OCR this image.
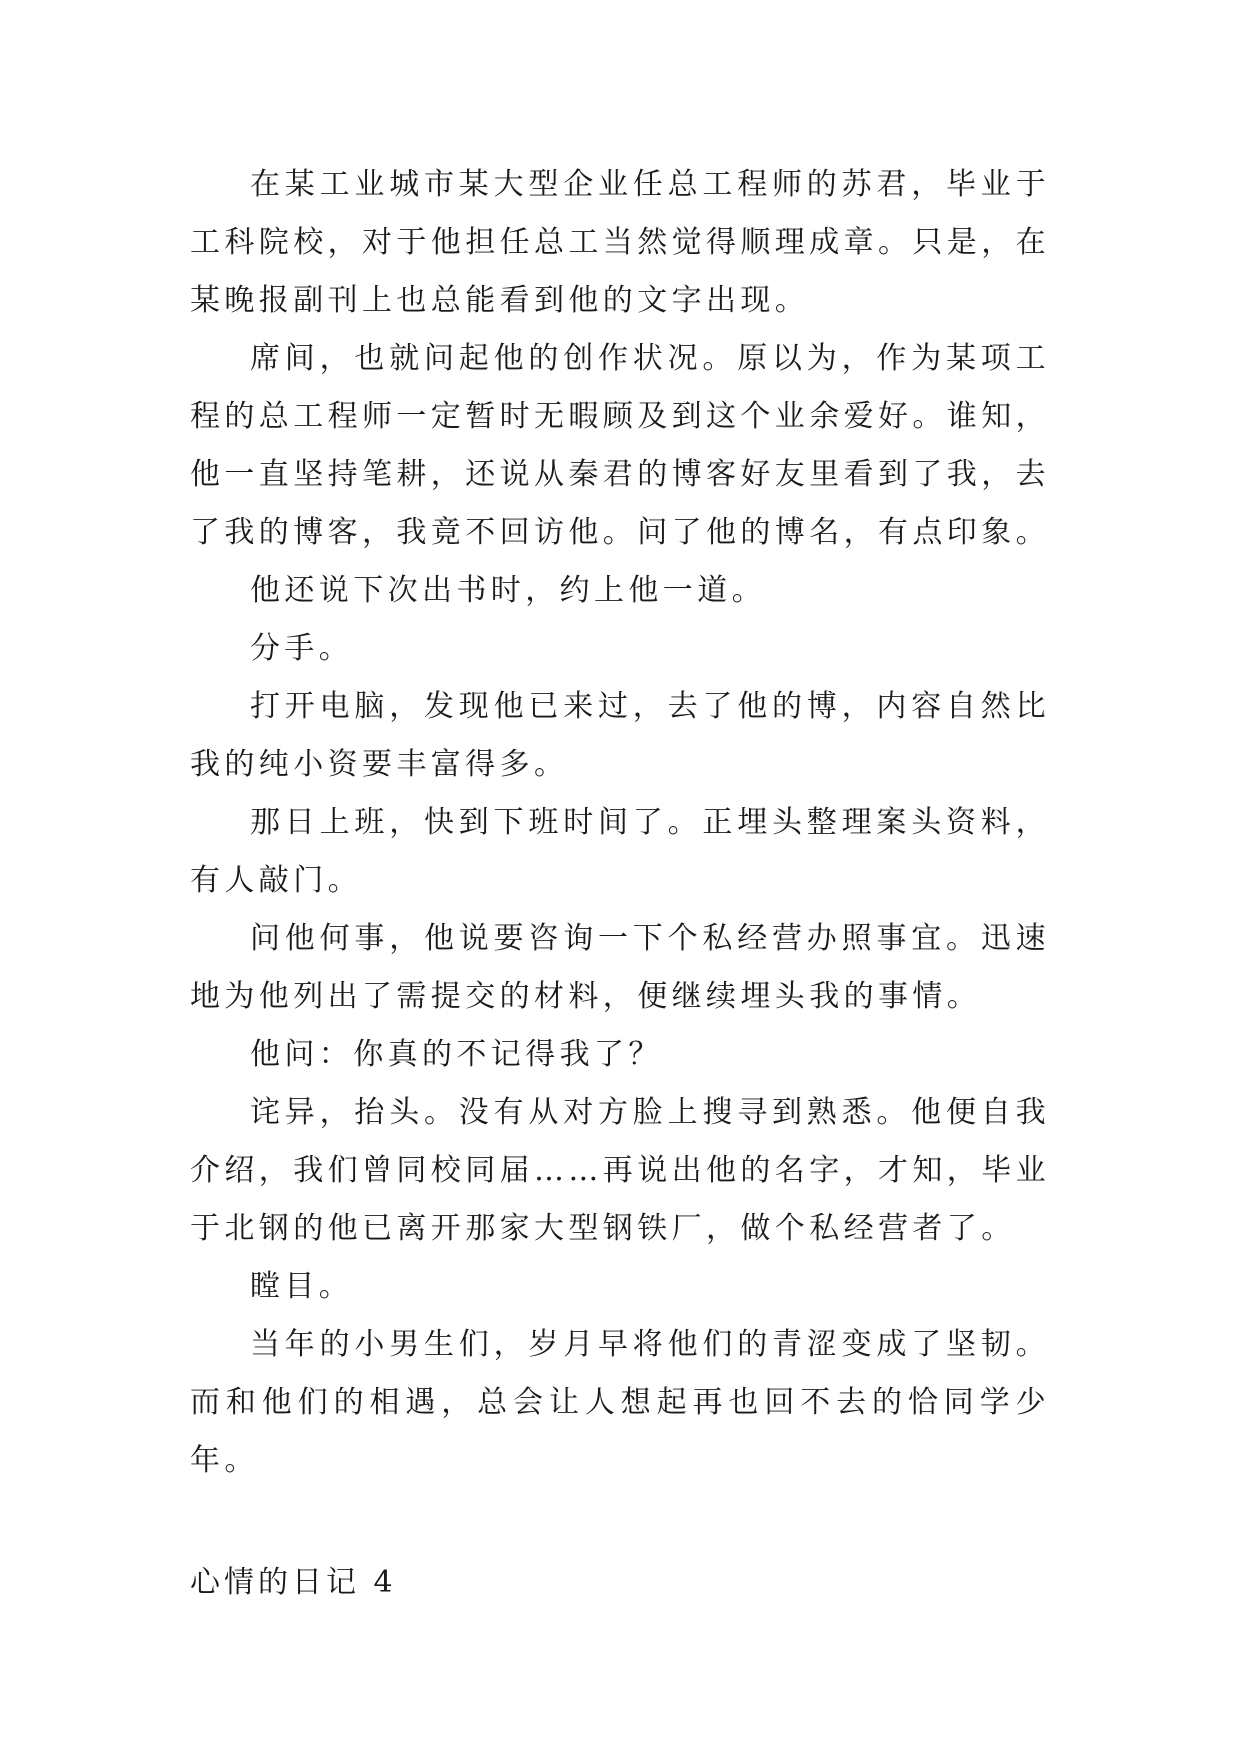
在某工业城市某大型企业任总工程师的苏君，毕业于工科院校，对于他担任总工当然觉得顺理成章。只是，在某晚报副刊上也总能看到他的文字出现。

席间，也就问起他的创作状况。原以为，作为某项工程的总工程师一定暂时无暇顾及到这个业余爱好。谁知，他一直坚持笔耕，还说从秦君的博客好友里看到了我，去了我的博客，我竟不回访他。问了他的博名，有点印象。

他还说下次出书时，约上他一道。

分手。

打开电脑，发现他已来过，去了他的博，内容自然比我的纯小资要丰富得多。

那日上班，快到下班时间了。正埋头整理案头资料，有人敲门。

问他何事，他说要咨询一下个私经营办照事宜。迅速地为他列出了需提交的材料，便继续埋头我的事情。

他问：你真的不记得我了？

诧异，抬头。没有从对方脸上搜寻到熟悉。他便自我介绍，我们曾同校同届……再说出他的名字，才知，毕业于北钢的他已离开那家大型钢铁厂，做个私经营者了。

瞠目。

当年的小男生们，岁月早将他们的青涩变成了坚韧。而和他们的相遇，总会让人想起再也回不去的恰同学少年。

心情的日记 4
